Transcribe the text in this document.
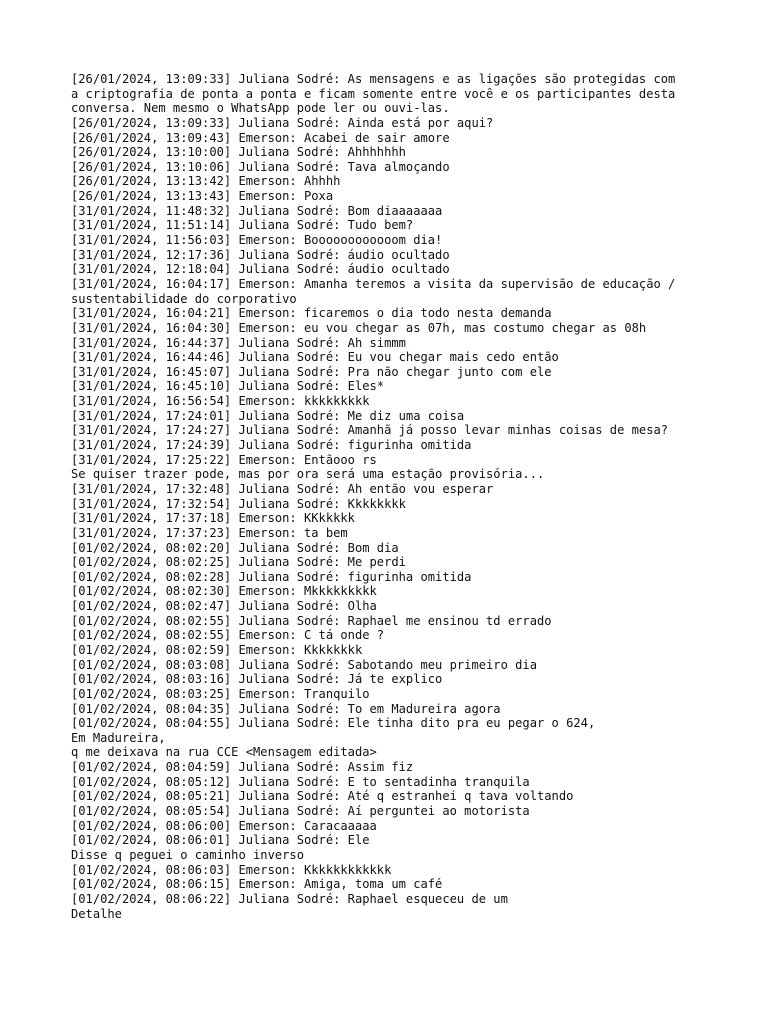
[26/01/2024, 13:09:33] Juliana Sodré: As mensagens e as ligações são protegidas com
a criptografia de ponta a ponta e ficam somente entre você e os participantes desta
conversa. Nem mesmo o WhatsApp pode ler ou ouvi-las.
[26/01/2024, 13:09:33] Juliana Sodré: Ainda está por aqui?
[26/01/2024, 13:09:43] Emerson: Acabei de sair amore
[26/01/2024, 13:10:00] Juliana Sodré: Ahhhhhhh
[26/01/2024, 13:10:06] Juliana Sodré: Tava almoçando
[26/01/2024, 13:13:42] Emerson: Ahhhh
[26/01/2024, 13:13:43] Emerson: Poxa
[31/01/2024, 11:48:32] Juliana Sodré: Bom diaaaaaaa
[31/01/2024, 11:51:14] Juliana Sodré: Tudo bem?
[31/01/2024, 11:56:03] Emerson: Boooooooooooom dia!
[31/01/2024, 12:17:36] Juliana Sodré: áudio ocultado
[31/01/2024, 12:18:04] Juliana Sodré: áudio ocultado
[31/01/2024, 16:04:17] Emerson: Amanha teremos a visita da supervisão de educação /
sustentabilidade do corporativo
[31/01/2024, 16:04:21] Emerson: ficaremos o dia todo nesta demanda
[31/01/2024, 16:04:30] Emerson: eu vou chegar as 07h, mas costumo chegar as 08h
[31/01/2024, 16:44:37] Juliana Sodré: Ah simmm
[31/01/2024, 16:44:46] Juliana Sodré: Eu vou chegar mais cedo então
[31/01/2024, 16:45:07] Juliana Sodré: Pra não chegar junto com ele
[31/01/2024, 16:45:10] Juliana Sodré: Eles*
[31/01/2024, 16:56:54] Emerson: kkkkkkkkk
[31/01/2024, 17:24:01] Juliana Sodré: Me diz uma coisa
[31/01/2024, 17:24:27] Juliana Sodré: Amanhã já posso levar minhas coisas de mesa?
[31/01/2024, 17:24:39] Juliana Sodré: figurinha omitida
[31/01/2024, 17:25:22] Emerson: Entãooo rs
Se quiser trazer pode, mas por ora será uma estação provisória...
[31/01/2024, 17:32:48] Juliana Sodré: Ah então vou esperar
[31/01/2024, 17:32:54] Juliana Sodré: Kkkkkkkk
[31/01/2024, 17:37:18] Emerson: KKkkkkk
[31/01/2024, 17:37:23] Emerson: ta bem
[01/02/2024, 08:02:20] Juliana Sodré: Bom dia
[01/02/2024, 08:02:25] Juliana Sodré: Me perdi
[01/02/2024, 08:02:28] Juliana Sodré: figurinha omitida
[01/02/2024, 08:02:30] Emerson: Mkkkkkkkkk
[01/02/2024, 08:02:47] Juliana Sodré: Olha
[01/02/2024, 08:02:55] Juliana Sodré: Raphael me ensinou td errado
[01/02/2024, 08:02:55] Emerson: C tá onde ?
[01/02/2024, 08:02:59] Emerson: Kkkkkkkk
[01/02/2024, 08:03:08] Juliana Sodré: Sabotando meu primeiro dia
[01/02/2024, 08:03:16] Juliana Sodré: Já te explico
[01/02/2024, 08:03:25] Emerson: Tranquilo
[01/02/2024, 08:04:35] Juliana Sodré: To em Madureira agora
[01/02/2024, 08:04:55] Juliana Sodré: Ele tinha dito pra eu pegar o 624,
Em Madureira,
q me deixava na rua CCE <Mensagem editada>
[01/02/2024, 08:04:59] Juliana Sodré: Assim fiz
[01/02/2024, 08:05:12] Juliana Sodré: E to sentadinha tranquila
[01/02/2024, 08:05:21] Juliana Sodré: Até q estranhei q tava voltando
[01/02/2024, 08:05:54] Juliana Sodré: Aí perguntei ao motorista
[01/02/2024, 08:06:00] Emerson: Caracaaaaa
[01/02/2024, 08:06:01] Juliana Sodré: Ele
Disse q peguei o caminho inverso
[01/02/2024, 08:06:03] Emerson: Kkkkkkkkkkkk
[01/02/2024, 08:06:15] Emerson: Amiga, toma um café
[01/02/2024, 08:06:22] Juliana Sodré: Raphael esqueceu de um
Detalhe
